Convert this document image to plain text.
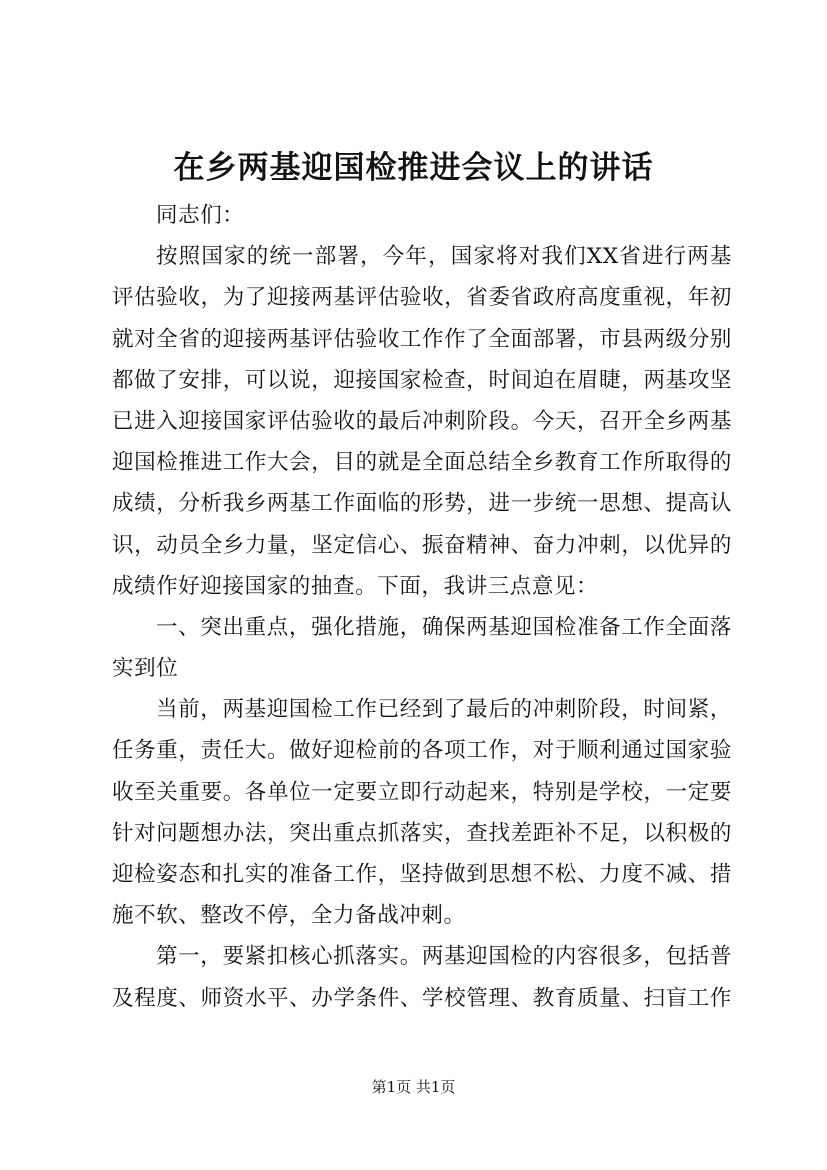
在乡两基迎国检推进会议上的讲话
同志们：
按照国家的统一部署，今年，国家将对我们XX省进行两基
评估验收，为了迎接两基评估验收，省委省政府高度重视，年初
就对全省的迎接两基评估验收工作作了全面部署，市县两级分别
都做了安排，可以说，迎接国家检查，时间迫在眉睫，两基攻坚
已进入迎接国家评估验收的最后冲刺阶段。今天，召开全乡两基
迎国检推进工作大会，目的就是全面总结全乡教育工作所取得的
成绩，分析我乡两基工作面临的形势，进一步统一思想、提高认
识，动员全乡力量，坚定信心、振奋精神、奋力冲刺，以优异的
成绩作好迎接国家的抽查。下面，我讲三点意见：
一、突出重点，强化措施，确保两基迎国检准备工作全面落
实到位
当前，两基迎国检工作已经到了最后的冲刺阶段，时间紧，
任务重，责任大。做好迎检前的各项工作，对于顺利通过国家验
收至关重要。各单位一定要立即行动起来，特别是学校，一定要
针对问题想办法，突出重点抓落实，查找差距补不足，以积极的
迎检姿态和扎实的准备工作，坚持做到思想不松、力度不减、措
施不软、整改不停，全力备战冲刺。
第一，要紧扣核心抓落实。两基迎国检的内容很多，包括普
及程度、师资水平、办学条件、学校管理、教育质量、扫盲工作
第1页 共1页
